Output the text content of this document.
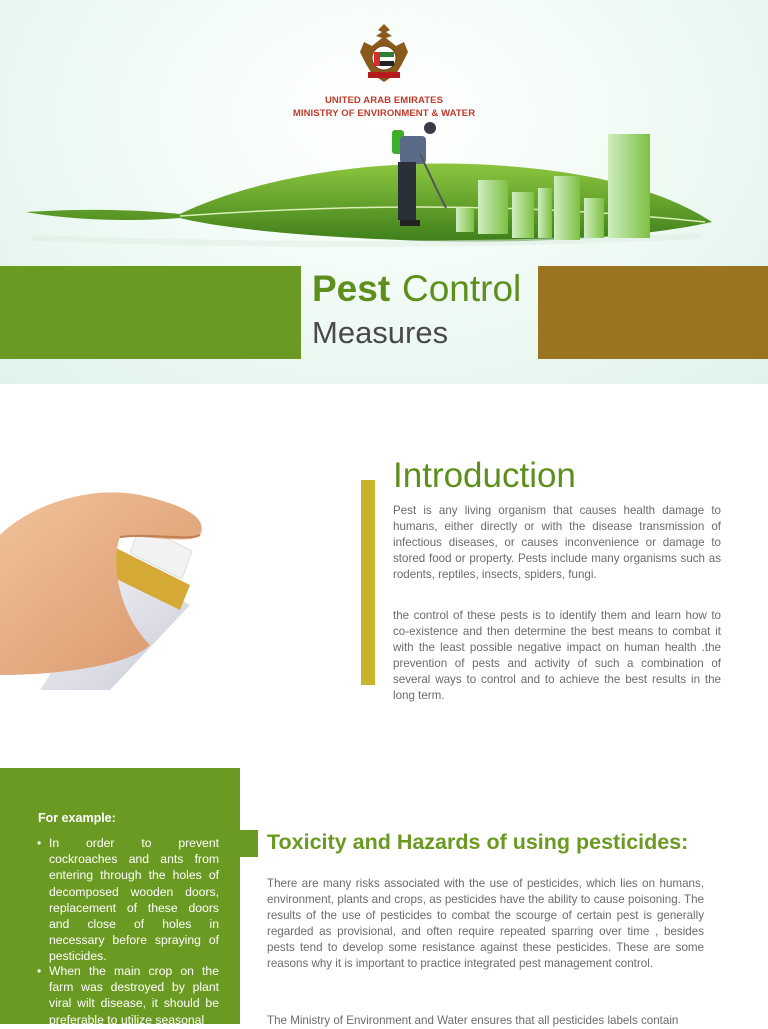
UNITED ARAB EMIRATES
MINISTRY OF ENVIRONMENT & WATER
Pest Control
Measures
Introduction
Pest is any living organism that causes health damage to humans, either directly or with the disease transmission of infectious diseases, or causes inconvenience or damage to stored food or property. Pests include many organisms such as rodents, reptiles, insects, spiders, fungi.
the control of these pests is to identify them and learn how to co-existence and then determine the best means to combat it with the least possible negative impact on human health .the prevention of pests and activity of such a combination of several ways to control and to achieve the best results in the long term.
For example:
• In order to prevent cockroaches and ants from entering through the holes of decomposed wooden doors, replacement of these doors and close of holes in necessary before spraying of pesticides.
• When the main crop on the farm was destroyed by plant viral wilt disease, it should be preferable to utilize seasonal
Toxicity and Hazards of using pesticides:
There are many risks associated with the use of pesticides, which lies on humans, environment, plants and crops, as pesticides have the ability to cause poisoning. The results of the use of pesticides to combat the scourge of certain pest is generally regarded as provisional, and often require repeated sparring over time , besides pests tend to develop some resistance against these pesticides. These are some reasons why it is important to practice integrated pest management control.
The Ministry of Environment and Water ensures that all pesticides labels contain
